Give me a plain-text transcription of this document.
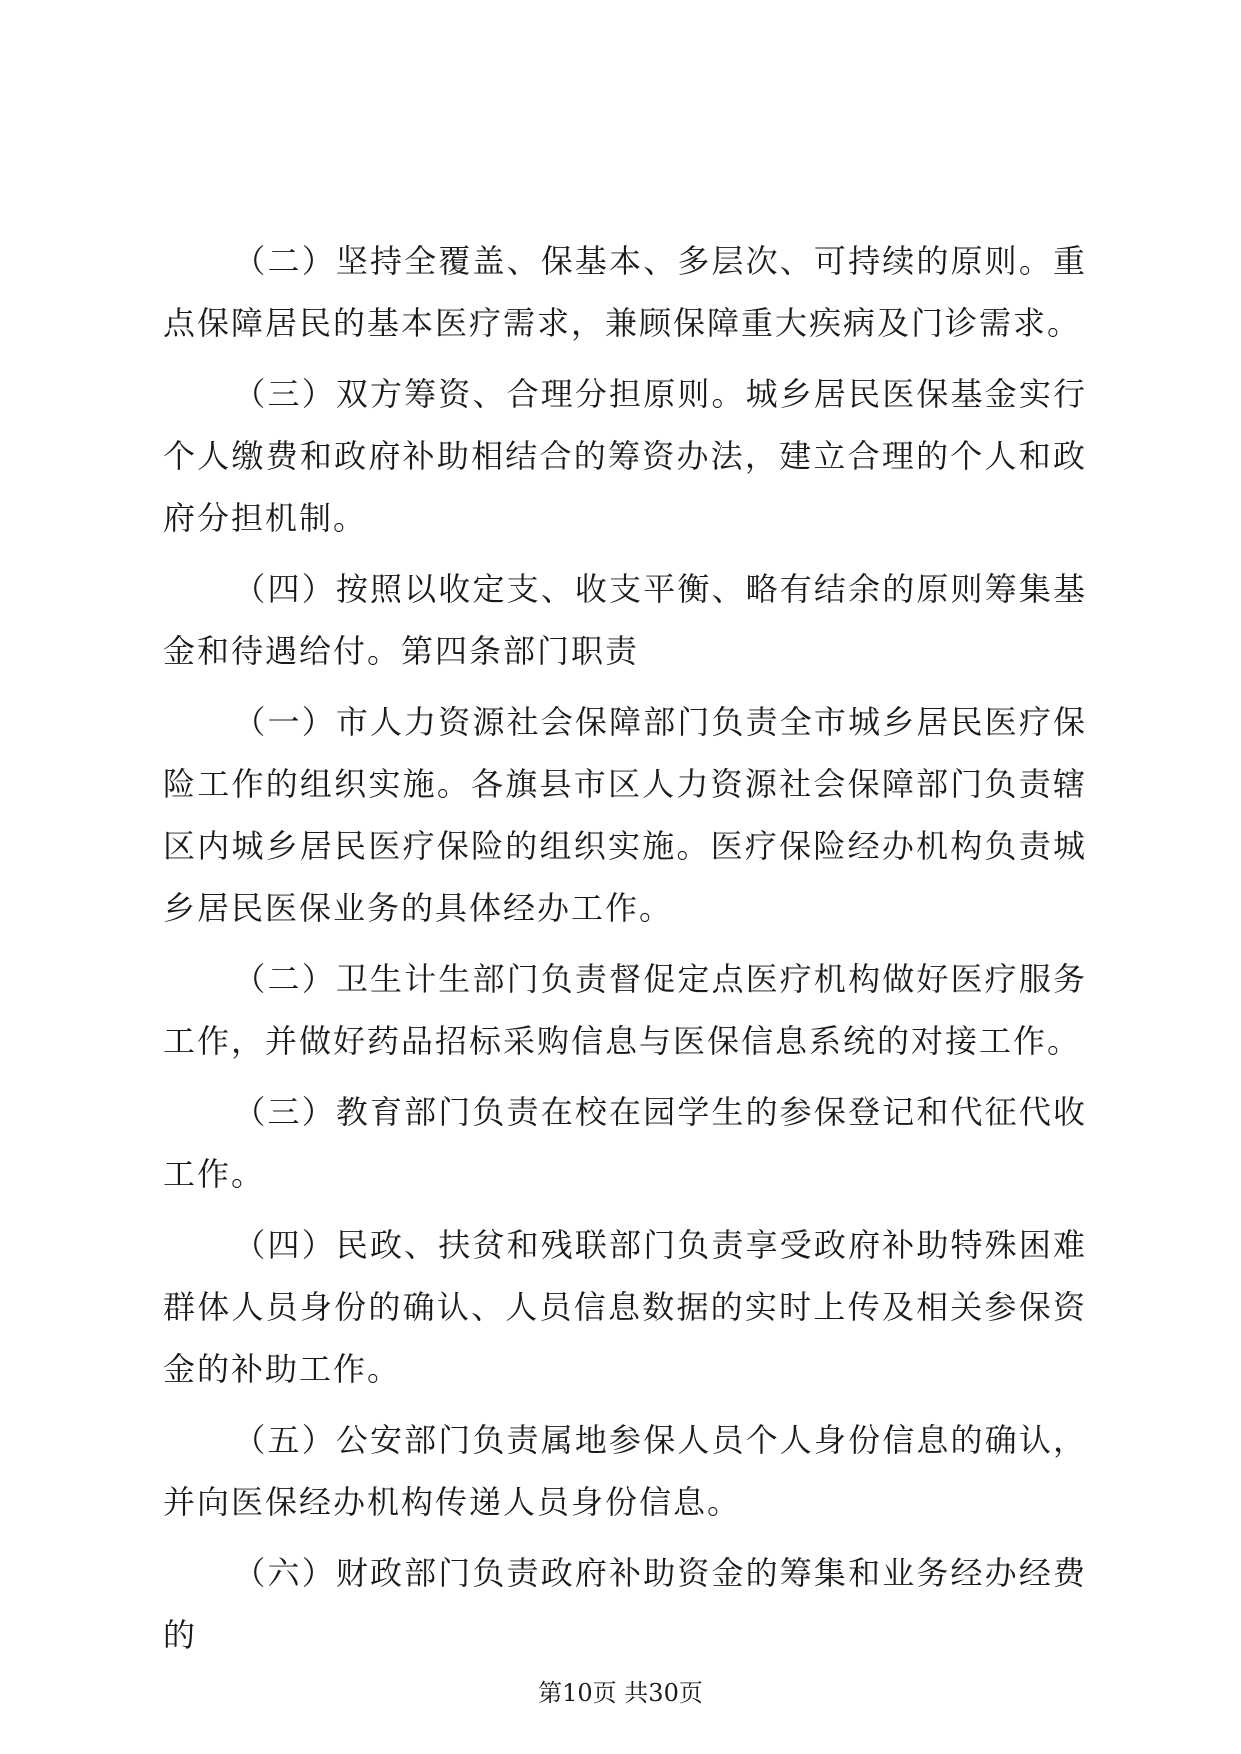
（二）坚持全覆盖、保基本、多层次、可持续的原则。重点保障居民的基本医疗需求，兼顾保障重大疾病及门诊需求。

（三）双方筹资、合理分担原则。城乡居民医保基金实行个人缴费和政府补助相结合的筹资办法，建立合理的个人和政府分担机制。

（四）按照以收定支、收支平衡、略有结余的原则筹集基金和待遇给付。第四条部门职责

（一）市人力资源社会保障部门负责全市城乡居民医疗保险工作的组织实施。各旗县市区人力资源社会保障部门负责辖区内城乡居民医疗保险的组织实施。医疗保险经办机构负责城乡居民医保业务的具体经办工作。

（二）卫生计生部门负责督促定点医疗机构做好医疗服务工作，并做好药品招标采购信息与医保信息系统的对接工作。

（三）教育部门负责在校在园学生的参保登记和代征代收工作。

（四）民政、扶贫和残联部门负责享受政府补助特殊困难群体人员身份的确认、人员信息数据的实时上传及相关参保资金的补助工作。

（五）公安部门负责属地参保人员个人身份信息的确认，并向医保经办机构传递人员身份信息。

（六）财政部门负责政府补助资金的筹集和业务经办经费的

第10页 共30页
